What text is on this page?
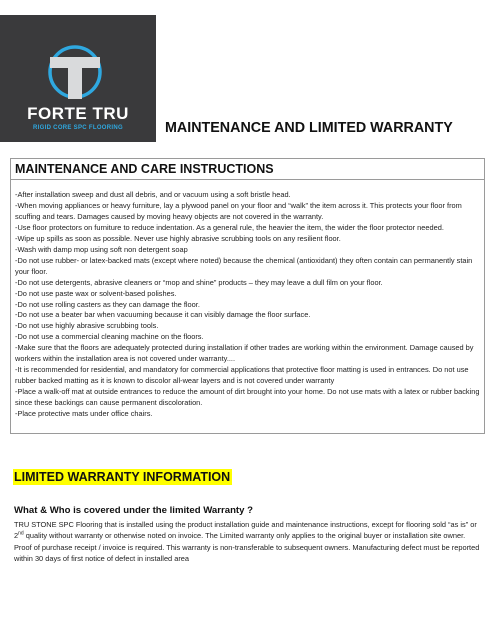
FORTE TRU
RIGID CORE SPC FLOORING	MAINTENANCE AND LIMITED WARRANTY
MAINTENANCE AND CARE INSTRUCTIONS

-After installation sweep and dust all debris, and or vacuum using a soft bristle head.

-When moving appliances or heavy furniture, lay a plywood panel on your floor and “walk” the item across it. This protects your floor from scuffing and tears. Damages caused by moving heavy objects are not covered in the warranty.

-Use floor protectors on furniture to reduce indentation. As a general rule, the heavier the item, the wider the floor protector needed.

-Wipe up spills as soon as possible. Never use highly abrasive scrubbing tools on any resilient floor.

-Wash with damp mop using soft non detergent soap

-Do not use rubber- or latex-backed mats (except where noted) because the chemical (antioxidant) they often contain can permanently stain your floor.

-Do not use detergents, abrasive cleaners or “mop and shine” products – they may leave a dull film on your floor.

-Do not use paste wax or solvent-based polishes.

-Do not use rolling casters as they can damage the floor.

-Do not use a beater bar when vacuuming because it can visibly damage the floor surface.

-Do not use highly abrasive scrubbing tools.

-Do not use a commercial cleaning machine on the floors.

-Make sure that the floors are adequately protected during installation if other trades are working within the environment. Damage caused by workers within the installation area is not covered under warranty....

-It is recommended for residential, and mandatory for commercial applications that protective floor matting is used in entrances. Do not use rubber backed matting as it is known to discolor all-wear layers and is not covered under warranty

-Place a walk-off mat at outside entrances to reduce the amount of dirt brought into your home. Do not use mats with a latex or rubber backing since these backings can cause permanent discoloration.

-Place protective mats under office chairs.

LIMITED WARRANTY INFORMATION
What & Who is covered under the limited Warranty ?

TRU STONE SPC Flooring that is installed using the product installation guide and maintenance instructions, except for flooring sold “as is” or 2nd quality without warranty or otherwise noted on invoice. The Limited warranty only applies to the original buyer or installation site owner. Proof of purchase receipt / invoice is required. This warranty is non-transferable to subsequent owners. Manufacturing defect must be reported within 30 days of first notice of defect in installed area
